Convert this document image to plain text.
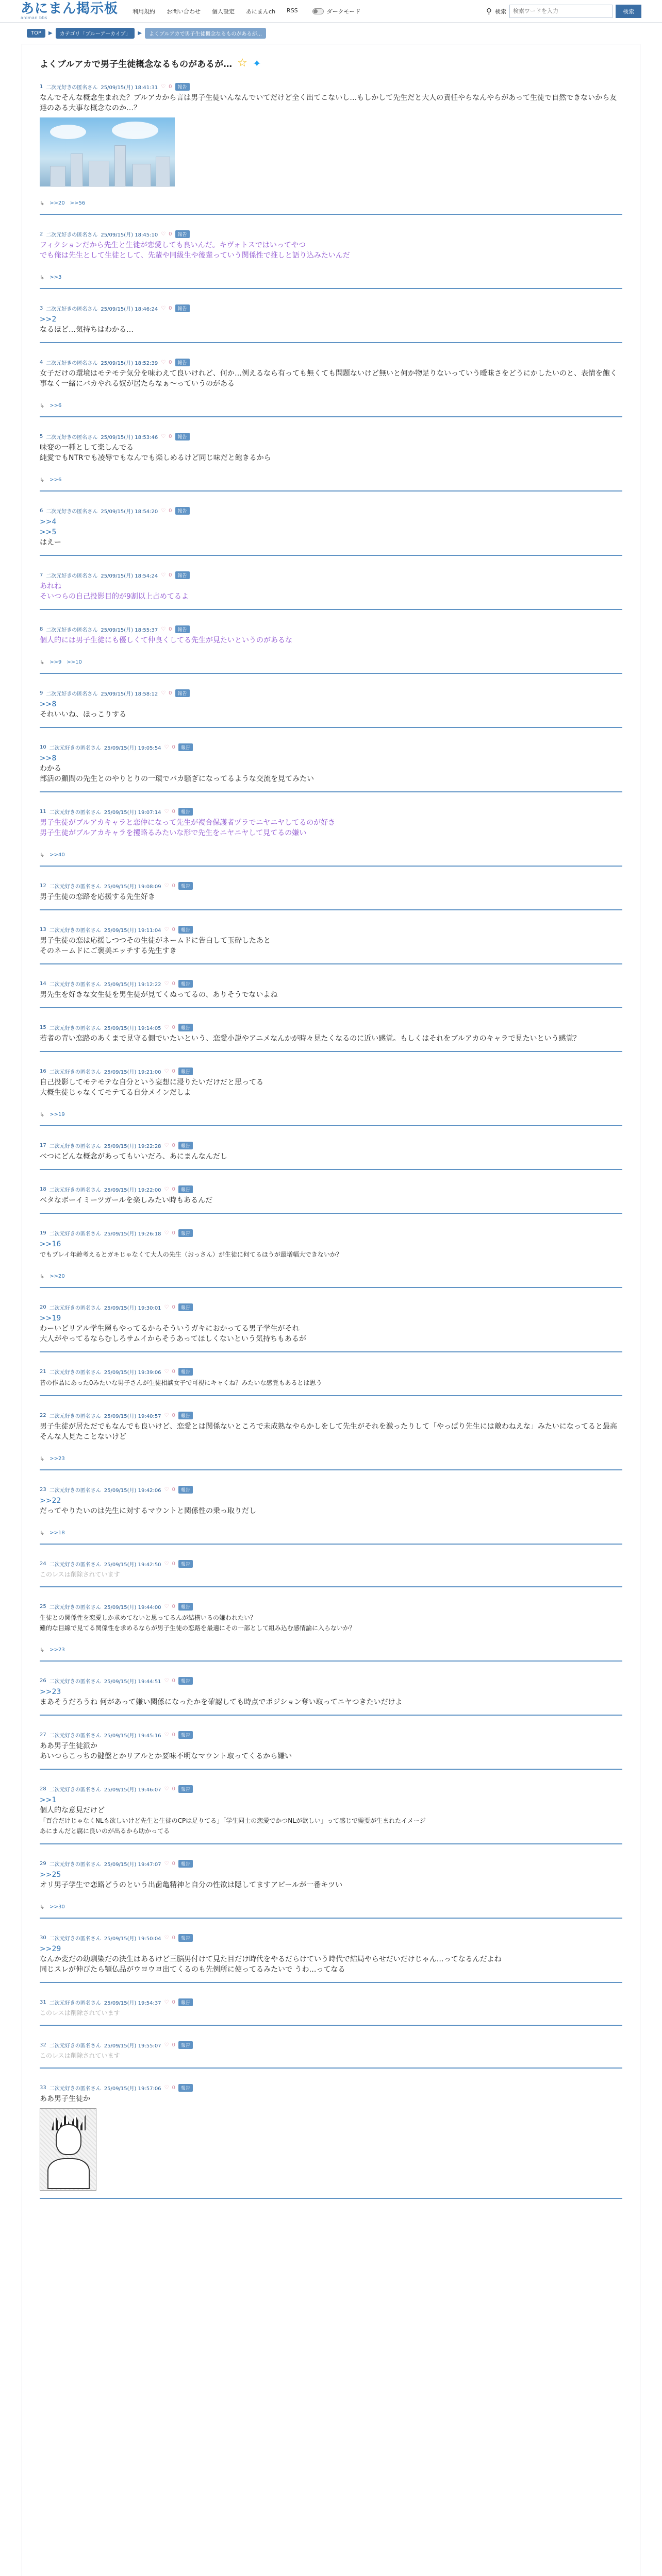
あにまん掲示板
animan bbs
利用規約 お問い合わせ 個人設定 あにまんch RSS	ダークモード	⚲ 検索
検索ワードを入力	検索
TOP	▶	カテゴリ「ブルーアーカイブ」	▶	よくブルアカで男子生徒概念なるものがあるが...
よくブルアカで男子生徒概念なるものがあるが… ☆ ✦
1 二次元好きの匿名さん 25/09/15(月) 18:41:31 ♡ 0	報告
なんでそんな概念生まれた？ブルアカから言は男子生徒いんなんでいてだけど全く出てこないし…もしかして先生だと大人の責任やらなんやらがあって生徒で自然できないから友達のある大事な概念なのか…？
↳ >>20 >>56
2 二次元好きの匿名さん 25/09/15(月) 18:45:10 ♡ 0	報告
フィクションだから先生と生徒が恋愛しても良いんだ。キヴォトスではいってやつ
でも俺は先生として生徒として、先輩や同級生や後輩っていう関係性で推しと語り込みたいんだ
↳ >>3
3 二次元好きの匿名さん 25/09/15(月) 18:46:24 ♡ 0	報告
>>2
なるほど…気持ちはわかる…
4 二次元好きの匿名さん 25/09/15(月) 18:52:39 ♡ 0	報告
女子だけの環境はモテモテ気分を味わえて良いけれど、何か…例えるなら有っても無くても問題ないけど無いと何か物足りないっていう曖昧さをどうにかしたいのと、表情を飽く事なく一緒にバカやれる奴が居たらなぁ～っていうのがある
↳ >>6
5 二次元好きの匿名さん 25/09/15(月) 18:53:46 ♡ 0	報告
味変の一種として楽しんでる
純愛でもNTRでも凌辱でもなんでも楽しめるけど同じ味だと飽きるから
↳ >>6
6 二次元好きの匿名さん 25/09/15(月) 18:54:20 ♡ 0	報告
>>4
>>5
はえー
7 二次元好きの匿名さん 25/09/15(月) 18:54:24 ♡ 0	報告
あれね
そいつらの自己投影目的が9割以上占めてるよ
8 二次元好きの匿名さん 25/09/15(月) 18:55:37 ♡ 0	報告
個人的には男子生徒にも優しくて仲良くしてる先生が見たいというのがあるな
↳ >>9 >>10
9 二次元好きの匿名さん 25/09/15(月) 18:58:12 ♡ 0	報告
>>8
それいいね、ほっこりする
10 二次元好きの匿名さん 25/09/15(月) 19:05:54 ♡ 0	報告
>>8
わかる
部活の顧問の先生とのやりとりの一環でバカ騒ぎになってるような交流を見てみたい
11 二次元好きの匿名さん 25/09/15(月) 19:07:14 ♡ 0	報告
男子生徒がブルアカキャラと恋仲になって先生が複合保護者ヅラでニヤニヤしてるのが好き
男子生徒がブルアカキャラを攫略るみたいな形で先生をニヤニヤして見てるの嫌い
↳ >>40
12 二次元好きの匿名さん 25/09/15(月) 19:08:09 ♡ 0	報告
男子生徒の恋路を応援する先生好き
13 二次元好きの匿名さん 25/09/15(月) 19:11:04 ♡ 0	報告
男子生徒の恋は応援しつつその生徒がネームドに告白して玉砕したあと
そのネームドにご褒美エッチする先生すき
14 二次元好きの匿名さん 25/09/15(月) 19:12:22 ♡ 0	報告
男先生を好きな女生徒を男生徒が見てくぬってるの、ありそうでないよね
15 二次元好きの匿名さん 25/09/15(月) 19:14:05 ♡ 0	報告
若者の青い恋路のあくまで見守る側でいたいという、恋愛小説やアニメなんかが時々見たくなるのに近い感覚。もしくはそれをブルアカのキャラで見たいという感覚？
16 二次元好きの匿名さん 25/09/15(月) 19:21:00 ♡ 0	報告
自己投影してモテモテな自分という妄想に浸りたいだけだと思ってる
大概生徒じゃなくてモテてる自分メインだしよ
↳ >>19
17 二次元好きの匿名さん 25/09/15(月) 19:22:28 ♡ 0	報告
べつにどんな概念があってもいいだろ、あにまんなんだし
18 二次元好きの匿名さん 25/09/15(月) 19:22:00 ♡ 0	報告
ベタなボーイミーツガールを楽しみたい時もあるんだ
19 二次元好きの匿名さん 25/09/15(月) 19:26:18 ♡ 0	報告
>>16
でもプレイ年齢考えるとガキじゃなくて大人の先生（おっさん）が生徒に何てるほうが最増幅大できないか？
↳ >>20
20 二次元好きの匿名さん 25/09/15(月) 19:30:01 ♡ 0	報告
>>19
わーいどリアル学生層もやってるからそういうガキにおかってる男子学生がそれ
大人がやってるならむしろサムイからそうあってほしくないという気持ちもあるが
21 二次元好きの匿名さん 25/09/15(月) 19:39:06 ♡ 0	報告
昔の作品にあった0みたいな男子さんが生徒相談女子で可視にキャくね？みたいな感覚もあるとは思う
22 二次元好きの匿名さん 25/09/15(月) 19:40:57 ♡ 0	報告
男子生徒が居ただでもなんでも良いけど、恋愛とは関係ないところで未成熟なやらかしをして先生がそれを激ったりして「やっぱり先生には敵わねえな」みたいになってると最高
そんな人見たことないけど
↳ >>23
23 二次元好きの匿名さん 25/09/15(月) 19:42:06 ♡ 0	報告
>>22
だってやりたいのは先生に対するマウントと関係性の乗っ取りだし
↳ >>18
24 二次元好きの匿名さん 25/09/15(月) 19:42:50 ♡ 0	報告
このレスは削除されています
25 二次元好きの匿名さん 25/09/15(月) 19:44:00 ♡ 0	報告
生徒との関係性を恋愛しか求めてないと思ってるんが結構いるの嫌われたい？
難的な目線で見てる関係性を求めるならが男子生徒の恋路を最適にその一部として組み込む感情論に入らないか？
↳ >>23
26 二次元好きの匿名さん 25/09/15(月) 19:44:51 ♡ 0	報告
>>23
まあそうだろうね 何があって嫌い関係になったかを確認しても時点でポジション奪い取ってニヤつきたいだけよ
27 二次元好きの匿名さん 25/09/15(月) 19:45:16 ♡ 0	報告
ああ男子生徒派か
あいつらこっちの鍵盤とかリアルとか要味不明なマウント取ってくるから嫌い
28 二次元好きの匿名さん 25/09/15(月) 19:46:07 ♡ 0	報告
>>1
個人的な意見だけど
「百合だけじゃなくNLも欲しいけど先生と生徒のCPは足りてる」「学生同士の恋愛でかつNLが欲しい」って感じで需要が生まれたイメージ
あにまんだと腐に良いのが出るから助かってる
29 二次元好きの匿名さん 25/09/15(月) 19:47:07 ♡ 0	報告
>>25
オリ男子学生で恋路どうのという出歯亀精神と自分の性欲は隠してますアピールが一番キツい
↳ >>30
30 二次元好きの匿名さん 25/09/15(月) 19:50:04 ♡ 0	報告
>>29
なんか変だの幼馴染だの決生はあるけど三脳男付けて見た目だけ時代をやるだらけていう時代で結局やらせだいだけじゃん…ってなるんだよね
同じスレが伸びたら顎仏品がウヨウヨ出てくるのも先例所に使ってるみたいで うわ…ってなる
31 二次元好きの匿名さん 25/09/15(月) 19:54:37 ♡ 0	報告
このレスは削除されています
32 二次元好きの匿名さん 25/09/15(月) 19:55:07 ♡ 0	報告
このレスは削除されています
33 二次元好きの匿名さん 25/09/15(月) 19:57:06 ♡ 0	報告
ああ男子生徒か
